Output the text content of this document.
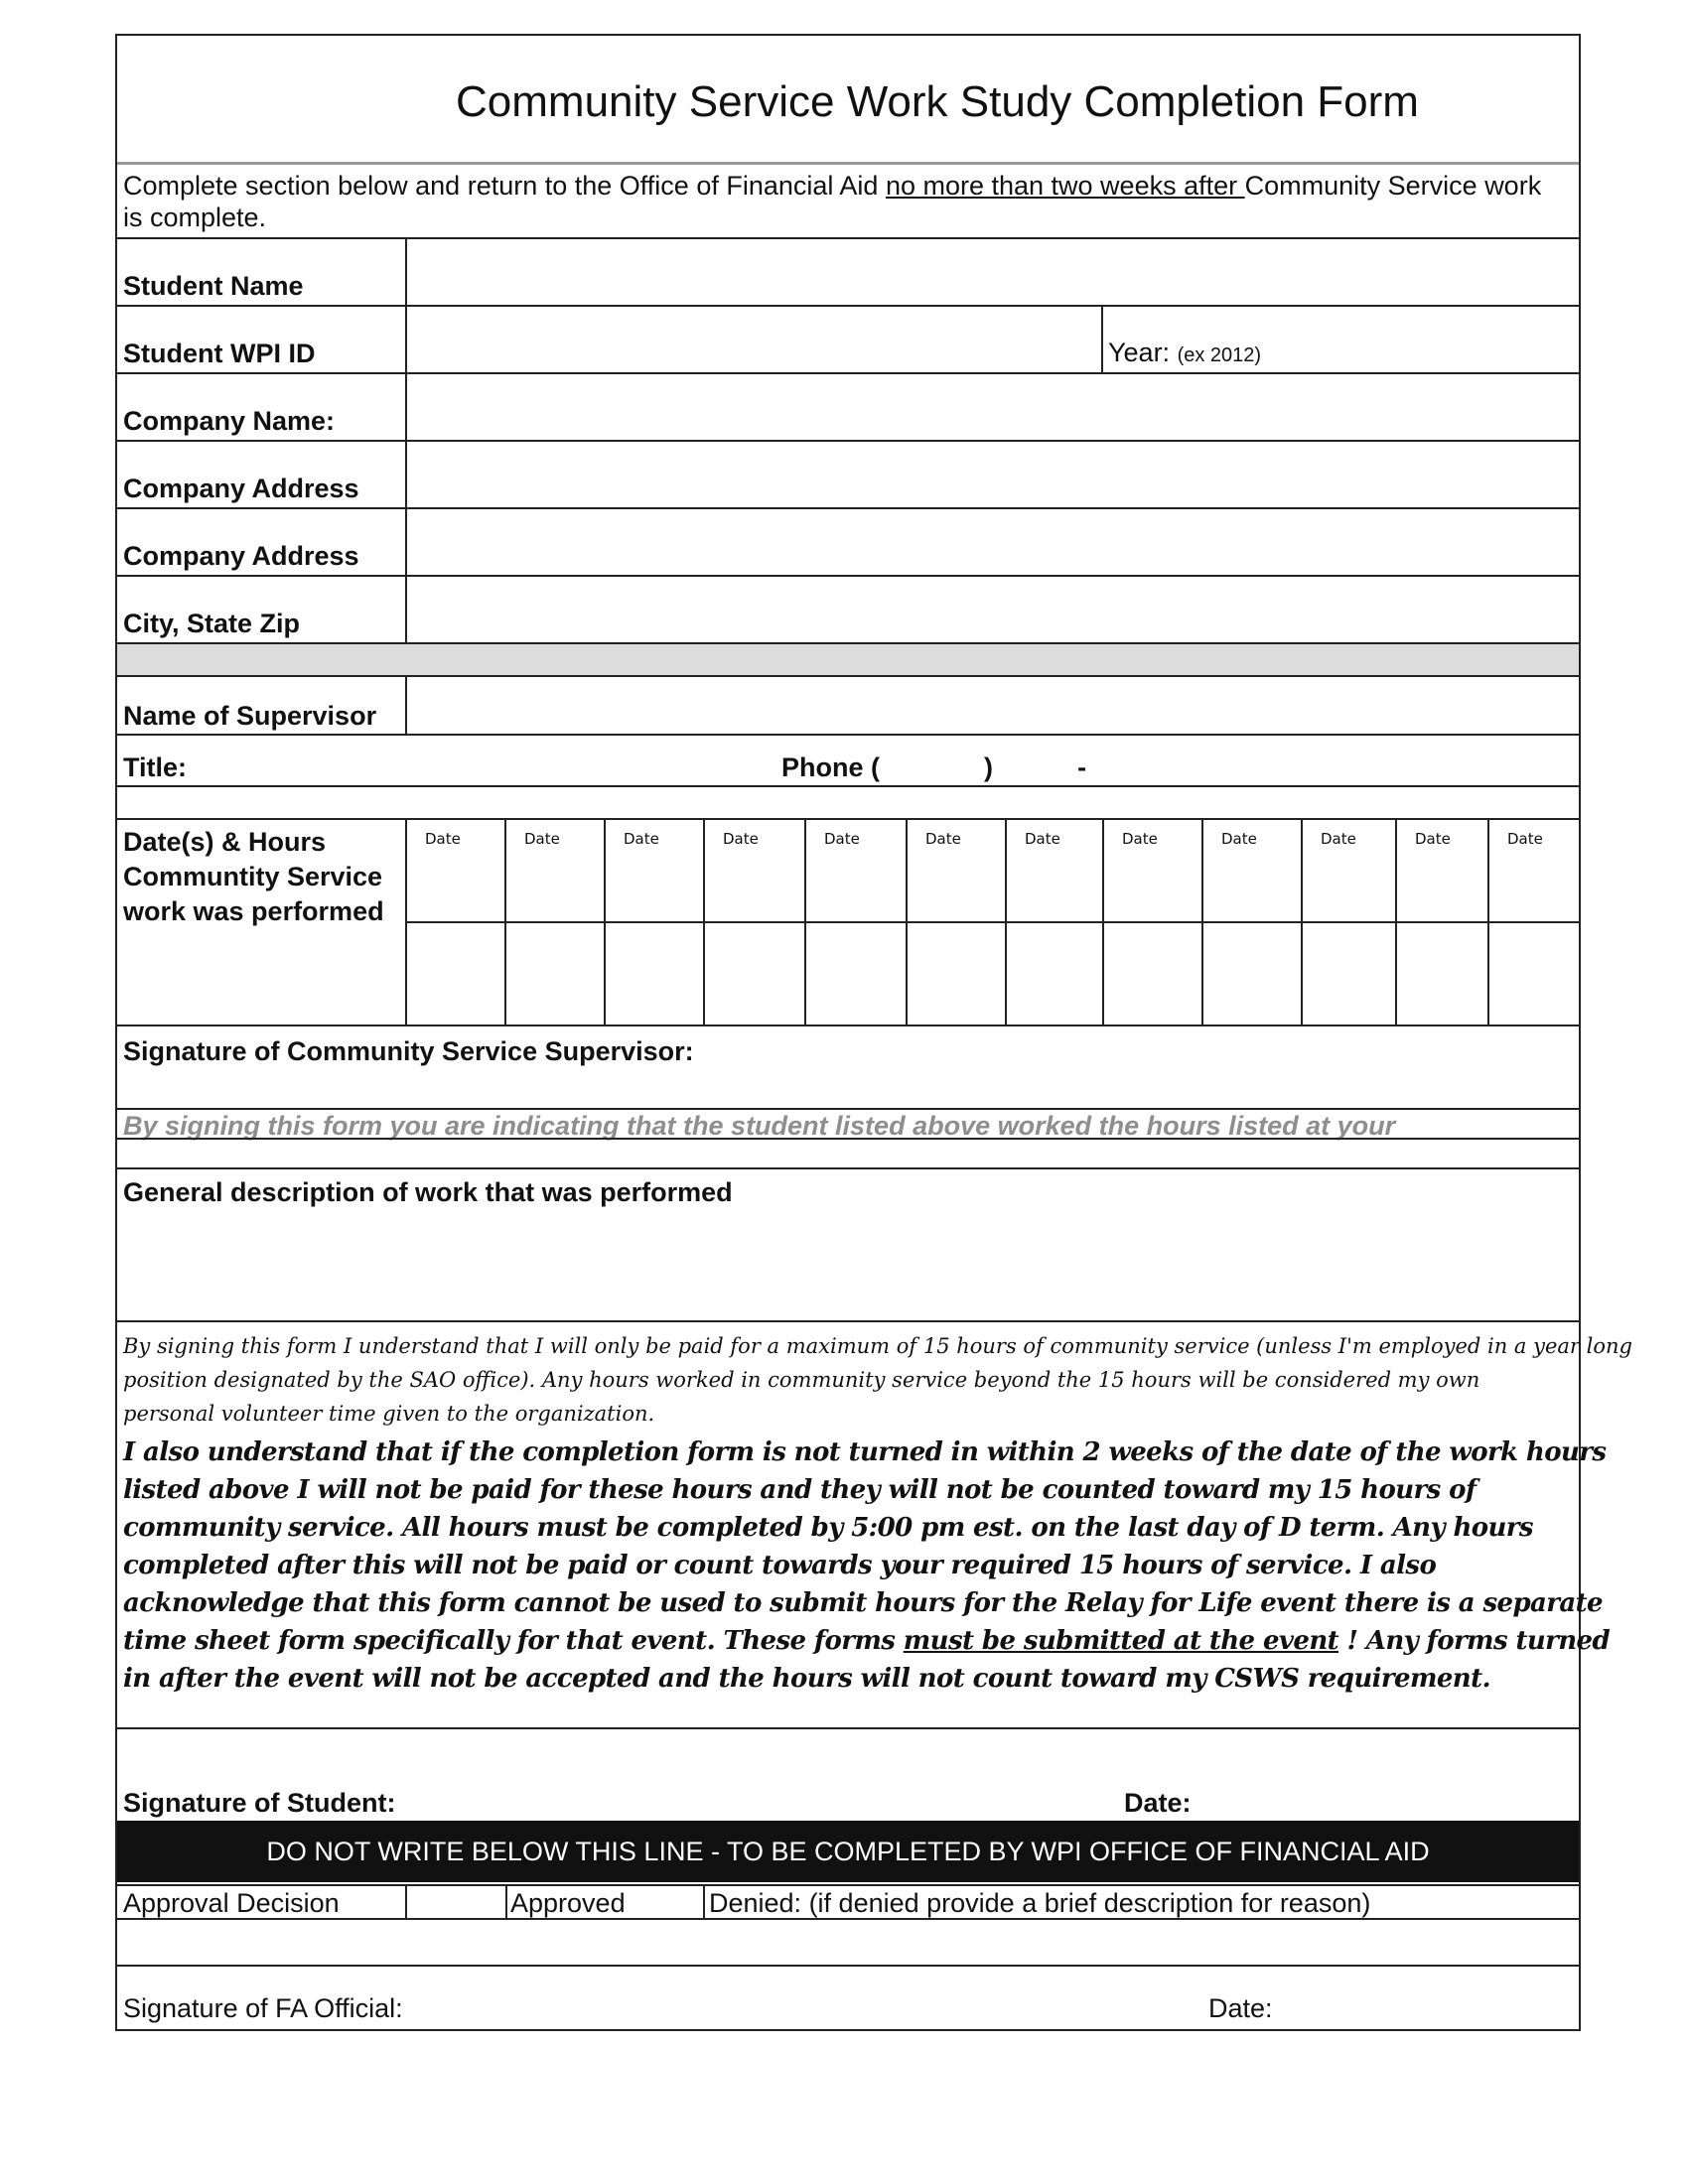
Community Service Work Study Completion Form
Complete section below and return to the Office of Financial Aid no more than two weeks after Community Service work
is complete.
Student Name
Student WPI ID	Year: (ex 2012)
Company Name:
Company Address
Company Address
City, State Zip
Name of Supervisor
Title:	Phone (	)	-
Date(s) & Hours
Communtity Service
work was performed
Date	Date	Date	Date	Date	Date	Date	Date	Date	Date	Date	Date
Signature of Community Service Supervisor:
By signing this form you are indicating that the student listed above worked the hours listed at your
General description of work that was performed
By signing this form I understand that I will only be paid for a maximum of 15 hours of community service (unless I'm employed in a year long
position designated by the SAO office). Any hours worked in community service beyond the 15 hours will be considered my own
personal volunteer time given to the organization.
I also understand that if the completion form is not turned in within 2 weeks of the date of the work hours
listed above I will not be paid for these hours and they will not be counted toward my 15 hours of
community service. All hours must be completed by 5:00 pm est. on the last day of D term. Any hours
completed after this will not be paid or count towards your required 15 hours of service. I also
acknowledge that this form cannot be used to submit hours for the Relay for Life event there is a separate
time sheet form specifically for that event. These forms must be submitted at the event ! Any forms turned
in after the event will not be accepted and the hours will not count toward my CSWS requirement.
Signature of Student:	Date:
DO NOT WRITE BELOW THIS LINE - TO BE COMPLETED BY WPI OFFICE OF FINANCIAL AID
Approval Decision	Approved	Denied: (if denied provide a brief description for reason)
Signature of FA Official:	Date:
